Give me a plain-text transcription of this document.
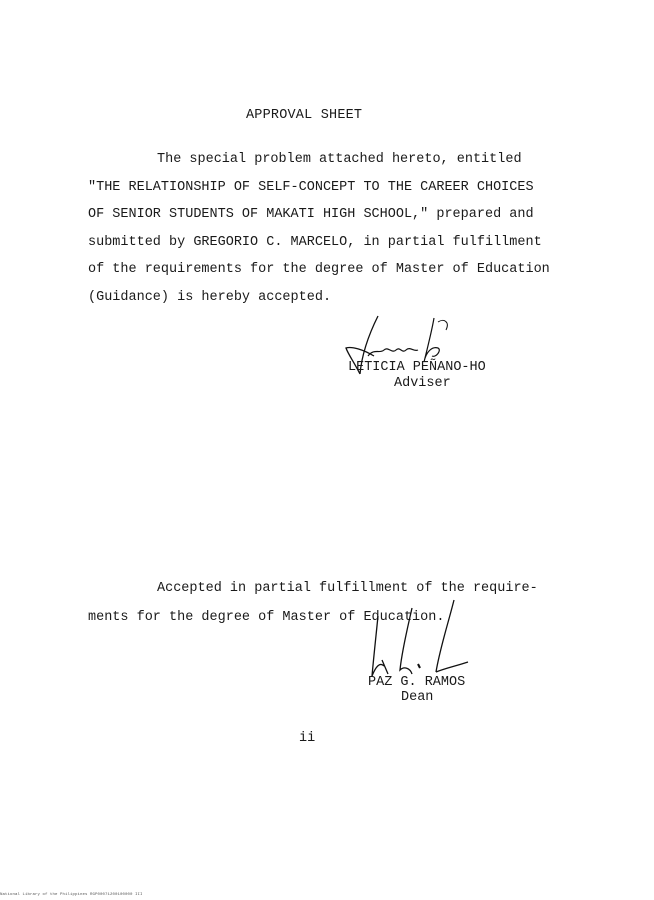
APPROVAL SHEET
The special problem attached hereto, entitled
"THE RELATIONSHIP OF SELF-CONCEPT TO THE CAREER CHOICES
OF SENIOR STUDENTS OF MAKATI HIGH SCHOOL," prepared and
submitted by GREGORIO C. MARCELO, in partial fulfillment
of the requirements for the degree of Master of Education
(Guidance) is hereby accepted.
LETICIA PEÑANO-HO
Adviser
Accepted in partial fulfillment of the require-
ments for the degree of Master of Education.
PAZ G. RAMOS
Dean
ii
National Library of the Philippines RGP00071200100000 III
